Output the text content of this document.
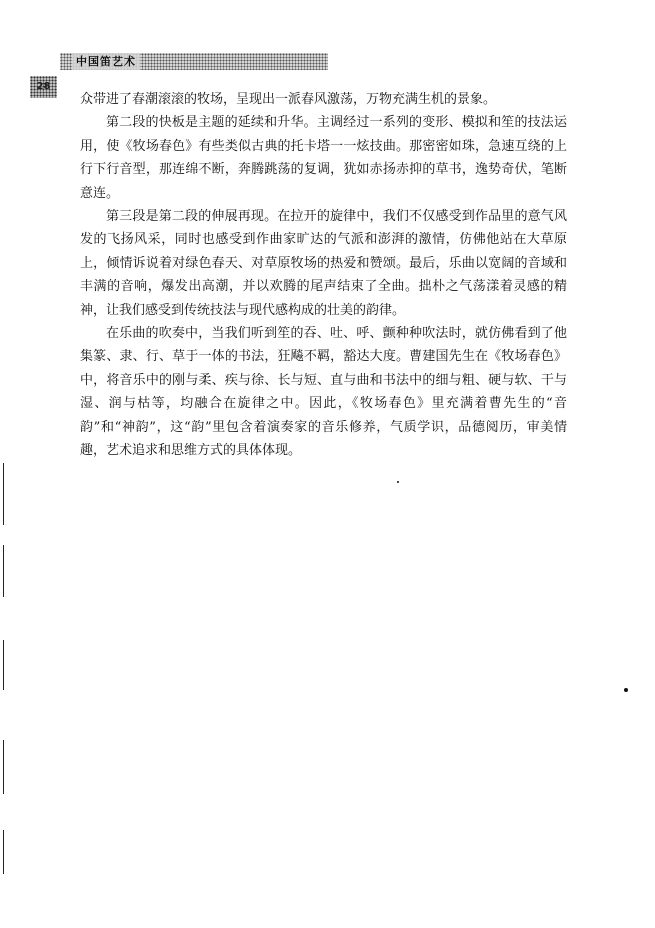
中国笛艺术
28

众带进了春潮滚滚的牧场，呈现出一派春风激荡，万物充满生机的景象。

第二段的快板是主题的延续和升华。主调经过一系列的变形、模拟和笙的技法运用，使《牧场春色》有些类似古典的托卡塔一一炫技曲。那密密如珠，急速互绕的上行下行音型，那连绵不断，奔腾跳荡的复调，犹如赤扬赤抑的草书，逸势奇伏，笔断意连。

第三段是第二段的伸展再现。在拉开的旋律中，我们不仅感受到作品里的意气风发的飞扬风采，同时也感受到作曲家旷达的气派和澎湃的激情，仿佛他站在大草原上，倾情诉说着对绿色春天、对草原牧场的热爱和赞颂。最后，乐曲以宽阔的音域和丰满的音响，爆发出高潮，并以欢腾的尾声结束了全曲。拙朴之气荡漾着灵感的精神，让我们感受到传统技法与现代感构成的壮美的韵律。

在乐曲的吹奏中，当我们听到笙的吞、吐、呼、颤种种吹法时，就仿佛看到了他集篆、隶、行、草于一体的书法，狂飚不羁，豁达大度。曹建国先生在《牧场春色》中，将音乐中的刚与柔、疾与徐、长与短、直与曲和书法中的细与粗、硬与软、干与湿、润与枯等，均融合在旋律之中。因此，《牧场春色》里充满着曹先生的“音韵”和“神韵”，这“韵”里包含着演奏家的音乐修养，气质学识，品德阅历，审美情趣，艺术追求和思维方式的具体体现。
